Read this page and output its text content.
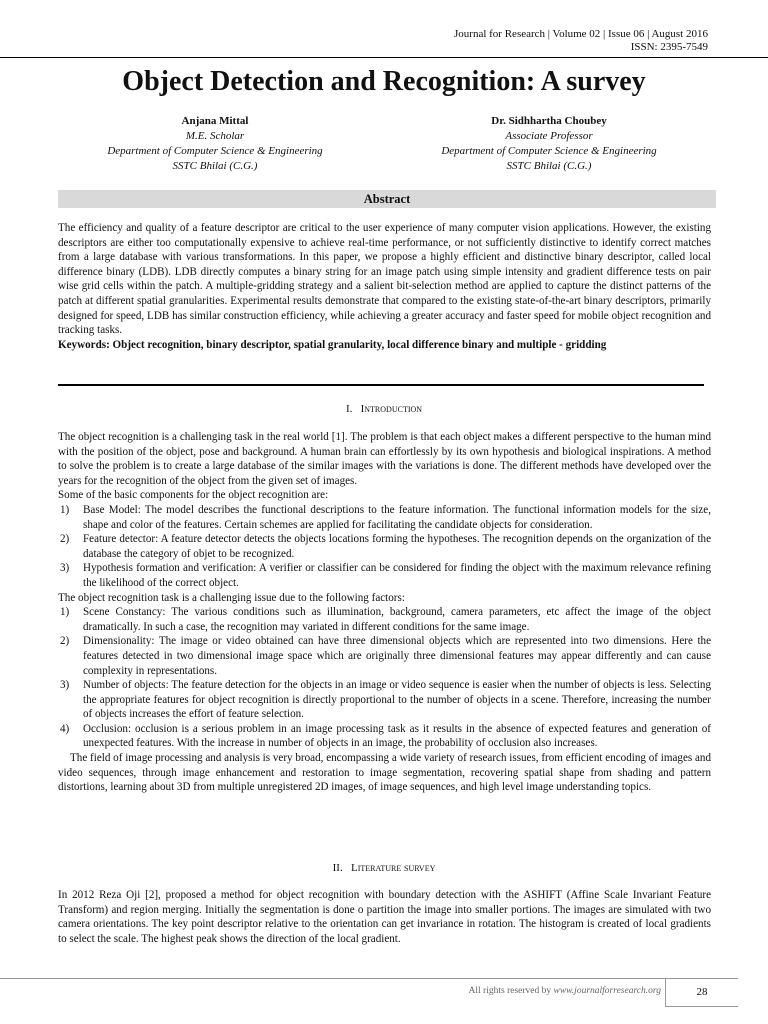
Journal for Research | Volume 02 | Issue 06 | August 2016
ISSN: 2395-7549
Object Detection and Recognition: A survey
Anjana Mittal
M.E. Scholar
Department of Computer Science & Engineering
SSTC Bhilai (C.G.)
Dr. Sidhhartha Choubey
Associate Professor
Department of Computer Science & Engineering
SSTC Bhilai (C.G.)
Abstract
The efficiency and quality of a feature descriptor are critical to the user experience of many computer vision applications. However, the existing descriptors are either too computationally expensive to achieve real-time performance, or not sufficiently distinctive to identify correct matches from a large database with various transformations. In this paper, we propose a highly efficient and distinctive binary descriptor, called local difference binary (LDB). LDB directly computes a binary string for an image patch using simple intensity and gradient difference tests on pair wise grid cells within the patch. A multiple-gridding strategy and a salient bit-selection method are applied to capture the distinct patterns of the patch at different spatial granularities. Experimental results demonstrate that compared to the existing state-of-the-art binary descriptors, primarily designed for speed, LDB has similar construction efficiency, while achieving a greater accuracy and faster speed for mobile object recognition and tracking tasks.
Keywords: Object recognition, binary descriptor, spatial granularity, local difference binary and multiple - gridding
I. Introduction
The object recognition is a challenging task in the real world [1]. The problem is that each object makes a different perspective to the human mind with the position of the object, pose and background. A human brain can effortlessly by its own hypothesis and biological inspirations. A method to solve the problem is to create a large database of the similar images with the variations is done. The different methods have developed over the years for the recognition of the object from the given set of images.
Some of the basic components for the object recognition are:
1) Base Model: The model describes the functional descriptions to the feature information. The functional information models for the size, shape and color of the features. Certain schemes are applied for facilitating the candidate objects for consideration.
2) Feature detector: A feature detector detects the objects locations forming the hypotheses. The recognition depends on the organization of the database the category of objet to be recognized.
3) Hypothesis formation and verification: A verifier or classifier can be considered for finding the object with the maximum relevance refining the likelihood of the correct object.
The object recognition task is a challenging issue due to the following factors:
1) Scene Constancy: The various conditions such as illumination, background, camera parameters, etc affect the image of the object dramatically. In such a case, the recognition may variated in different conditions for the same image.
2) Dimensionality: The image or video obtained can have three dimensional objects which are represented into two dimensions. Here the features detected in two dimensional image space which are originally three dimensional features may appear differently and can cause complexity in representations.
3) Number of objects: The feature detection for the objects in an image or video sequence is easier when the number of objects is less. Selecting the appropriate features for object recognition is directly proportional to the number of objects in a scene. Therefore, increasing the number of objects increases the effort of feature selection.
4) Occlusion: occlusion is a serious problem in an image processing task as it results in the absence of expected features and generation of unexpected features. With the increase in number of objects in an image, the probability of occlusion also increases.
The field of image processing and analysis is very broad, encompassing a wide variety of research issues, from efficient encoding of images and video sequences, through image enhancement and restoration to image segmentation, recovering spatial shape from shading and pattern distortions, learning about 3D from multiple unregistered 2D images, of image sequences, and high level image understanding topics.
II. Literature survey
In 2012 Reza Oji [2], proposed a method for object recognition with boundary detection with the ASHIFT (Affine Scale Invariant Feature Transform) and region merging. Initially the segmentation is done o partition the image into smaller portions. The images are simulated with two camera orientations. The key point descriptor relative to the orientation can get invariance in rotation. The histogram is created of local gradients to select the scale. The highest peak shows the direction of the local gradient.
All rights reserved by www.journalforresearch.org	28
